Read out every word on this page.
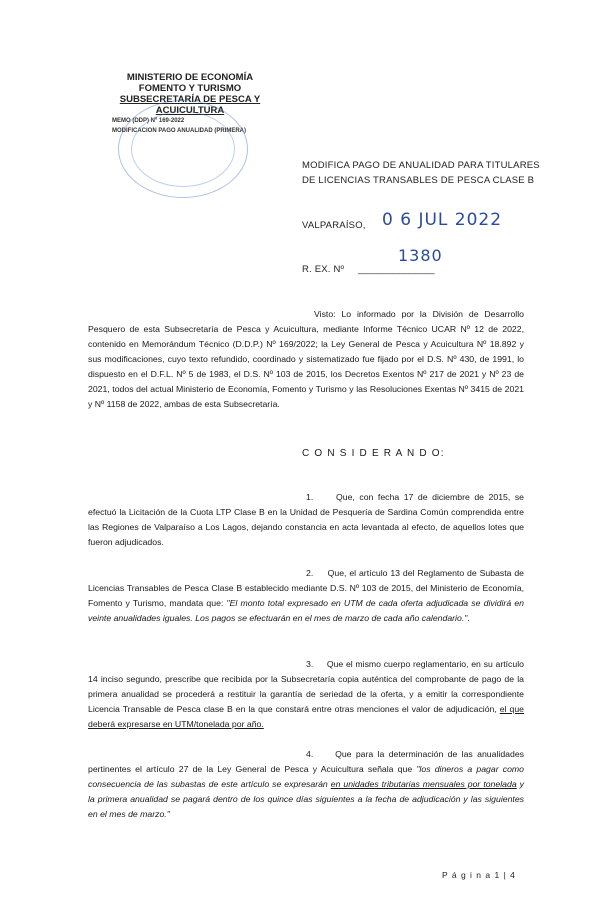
MINISTERIO DE ECONOMÍA
FOMENTO Y TURISMO
SUBSECRETARÍA DE PESCA Y ACUICULTURA
MEMO (DDP) Nº 169-2022
MODIFICACION PAGO ANUALIDAD (PRIMERA)
MODIFICA PAGO DE ANUALIDAD PARA TITULARES
DE LICENCIAS TRANSABLES DE PESCA CLASE B
VALPARAÍSO, 0 6 JUL 2022
R. EX. Nº ______________
1380
Visto: Lo informado por la División de Desarrollo Pesquero de esta Subsecretaría de Pesca y Acuicultura, mediante Informe Técnico UCAR Nº 12 de 2022, contenido en Memorándum Técnico (D.D.P.) Nº 169/2022; la Ley General de Pesca y Acuicultura Nº 18.892 y sus modificaciones, cuyo texto refundido, coordinado y sistematizado fue fijado por el D.S. Nº 430, de 1991, lo dispuesto en el D.F.L. Nº 5 de 1983, el D.S. Nº 103 de 2015, los Decretos Exentos Nº 217 de 2021 y Nº 23 de 2021, todos del actual Ministerio de Economía, Fomento y Turismo y las Resoluciones Exentas Nº 3415 de 2021 y Nº 1158 de 2022, ambas de esta Subsecretaría.
C O N S I D E R A N D O:
1.	Que, con fecha 17 de diciembre de 2015, se efectuó la Licitación de la Cuota LTP Clase B en la Unidad de Pesquería de Sardina Común comprendida entre las Regiones de Valparaíso a Los Lagos, dejando constancia en acta levantada al efecto, de aquellos lotes que fueron adjudicados.
2. Que, el artículo 13 del Reglamento de Subasta de Licencias Transables de Pesca Clase B establecido mediante D.S. Nº 103 de 2015, del Ministerio de Economía, Fomento y Turismo, mandata que: "El monto total expresado en UTM de cada oferta adjudicada se dividirá en veinte anualidades iguales. Los pagos se efectuarán en el mes de marzo de cada año calendario.".
3. Que el mismo cuerpo reglamentario, en su artículo 14 inciso segundo, prescribe que recibida por la Subsecretaría copia auténtica del comprobante de pago de la primera anualidad se procederá a restituir la garantía de seriedad de la oferta, y a emitir la correspondiente Licencia Transable de Pesca clase B en la que constará entre otras menciones el valor de adjudicación, el que deberá expresarse en UTM/tonelada por año.
4.	Que para la determinación de las anualidades pertinentes el artículo 27 de la Ley General de Pesca y Acuicultura señala que "los dineros a pagar como consecuencia de las subastas de este artículo se expresarán en unidades tributarias mensuales por tonelada y la primera anualidad se pagará dentro de los quince días siguientes a la fecha de adjudicación y las siguientes en el mes de marzo."
P á g i n a 1 | 4
